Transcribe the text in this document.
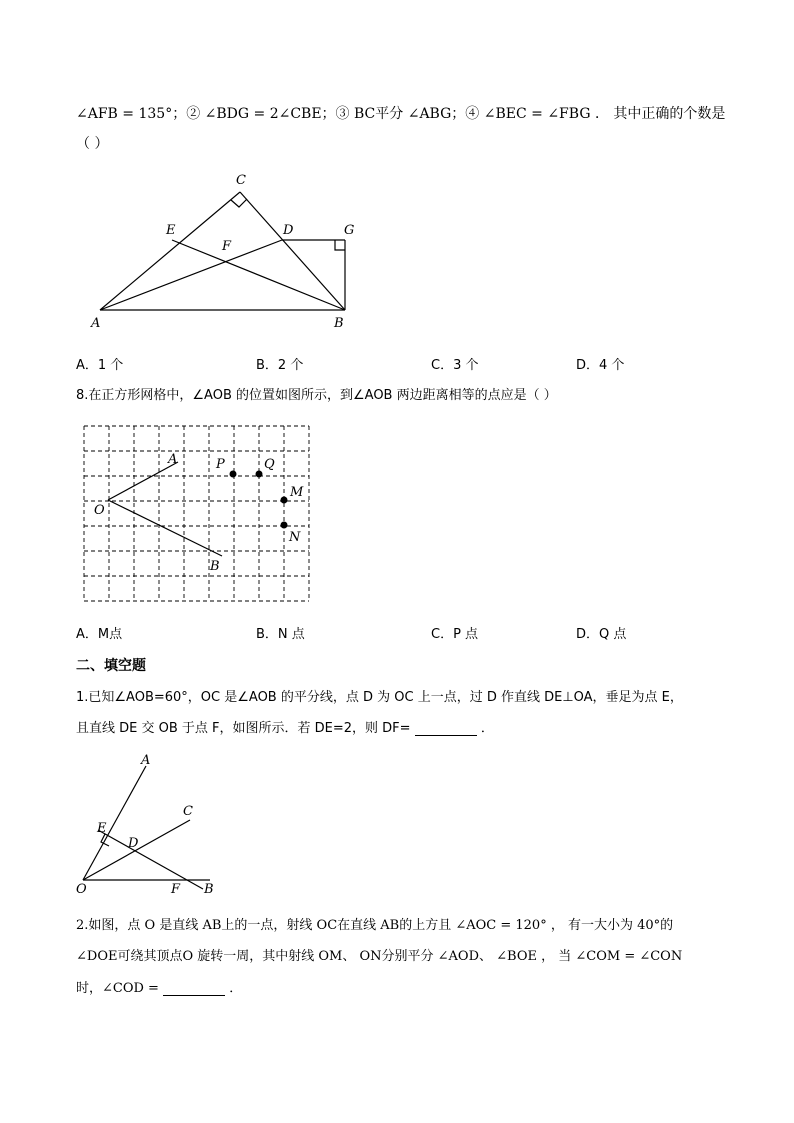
∠AFB = 135°；② ∠BDG = 2∠CBE；③ BC平分 ∠ABG；④ ∠BEC = ∠FBG ． 其中正确的个数是
（ ）
C
E	D	G
F
A	B
A．1 个	B．2 个	C．3 个	D．4 个
8.在正方形网格中，∠AOB 的位置如图所示，到∠AOB 两边距离相等的点应是（ ）
A	P	Q
M
O
N
B
A．M点	B．N 点	C．P 点	D．Q 点
二、填空题
1.已知∠AOB=60°，OC 是∠AOB 的平分线，点 D 为 OC 上一点，过 D 作直线 DE⊥OA，垂足为点 E，
且直线 DE 交 OB 于点 F，如图所示．若 DE=2，则 DF=	．
A
C
E
D
O	F B
2.如图，点 O 是直线 AB上的一点，射线 OC在直线 AB的上方且 ∠AOC = 120° ， 有一大小为 40°的
∠DOE可绕其顶点O 旋转一周，其中射线 OM、 ON分别平分 ∠AOD、 ∠BOE ， 当 ∠COM = ∠CON
时，∠COD =	．
